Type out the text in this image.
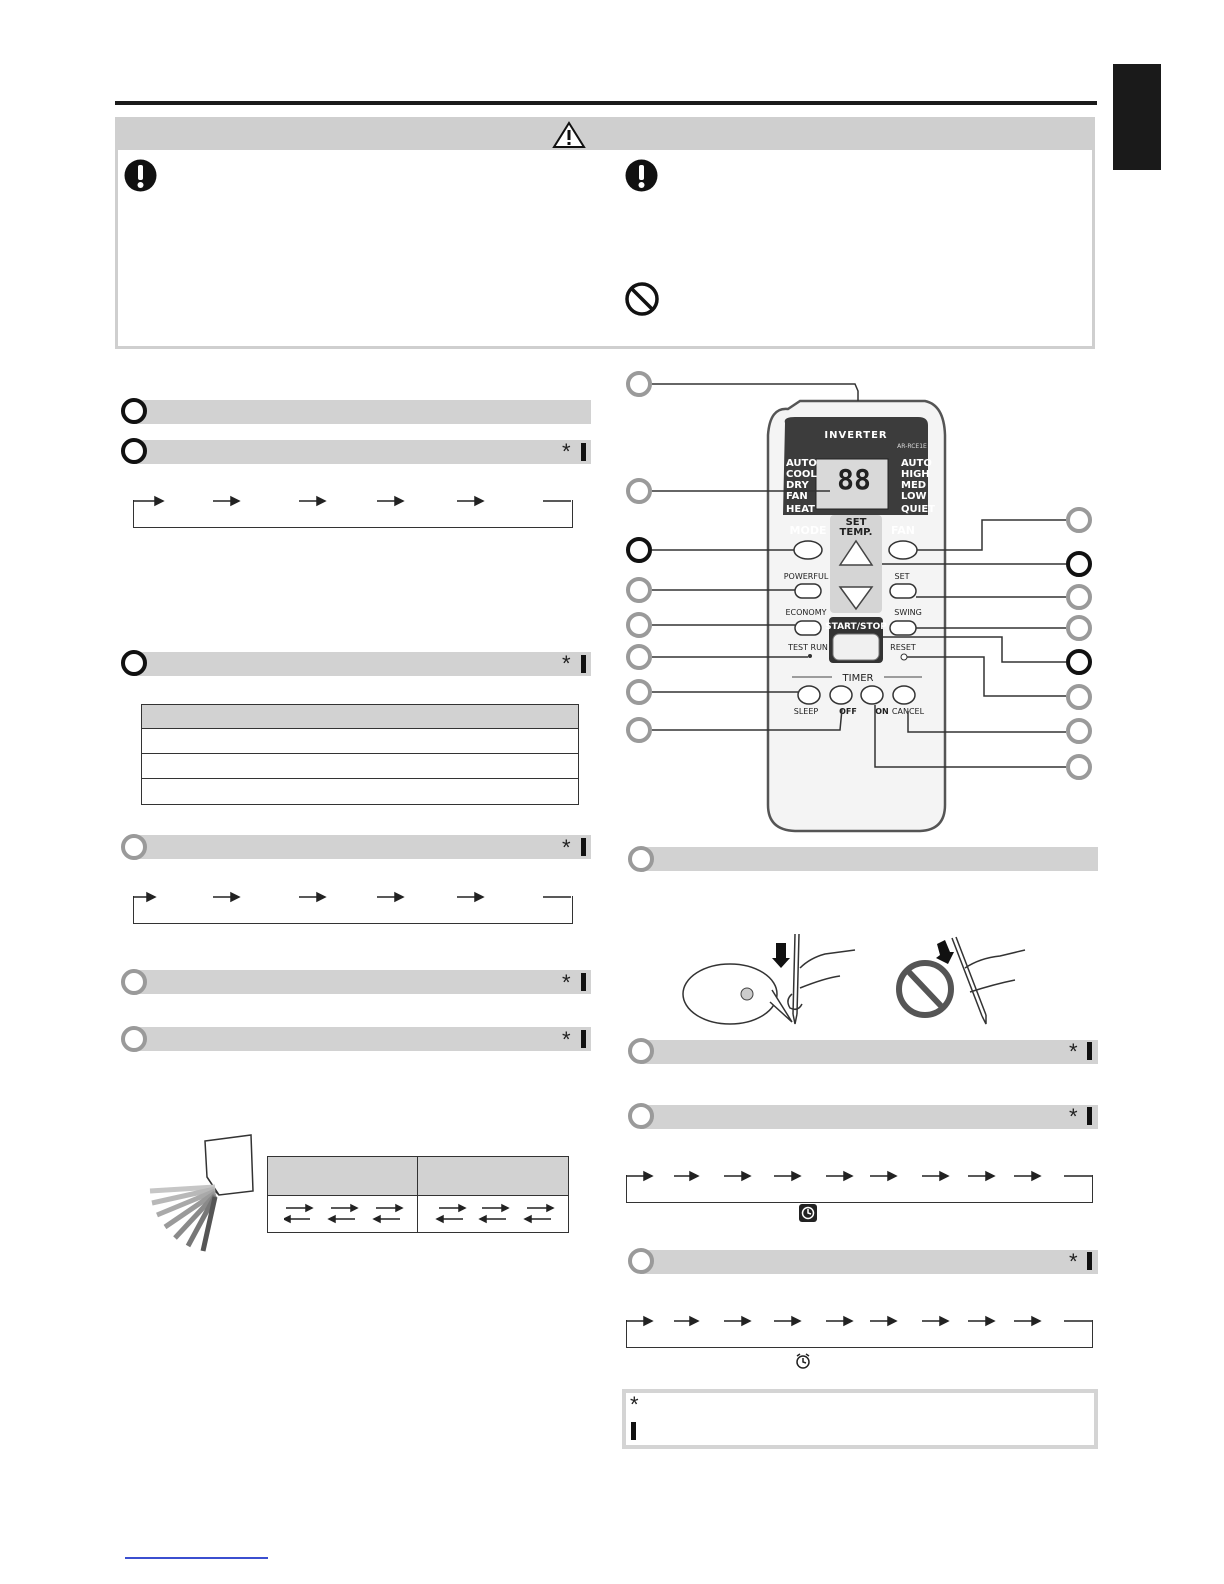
*
*
*
*
*
INVERTER
AR-RCE1E
88
AUTO
COOL
DRY
FAN
HEAT
AUTO
HIGH
MED
LOW
QUIET
SET
TEMP.
MODE	FAN
POWERFUL	SET
ECONOMY	SWING
TEST RUN	RESET
TIMER
SLEEP	OFF ON CANCEL
START/STOP
*
*
*
*
